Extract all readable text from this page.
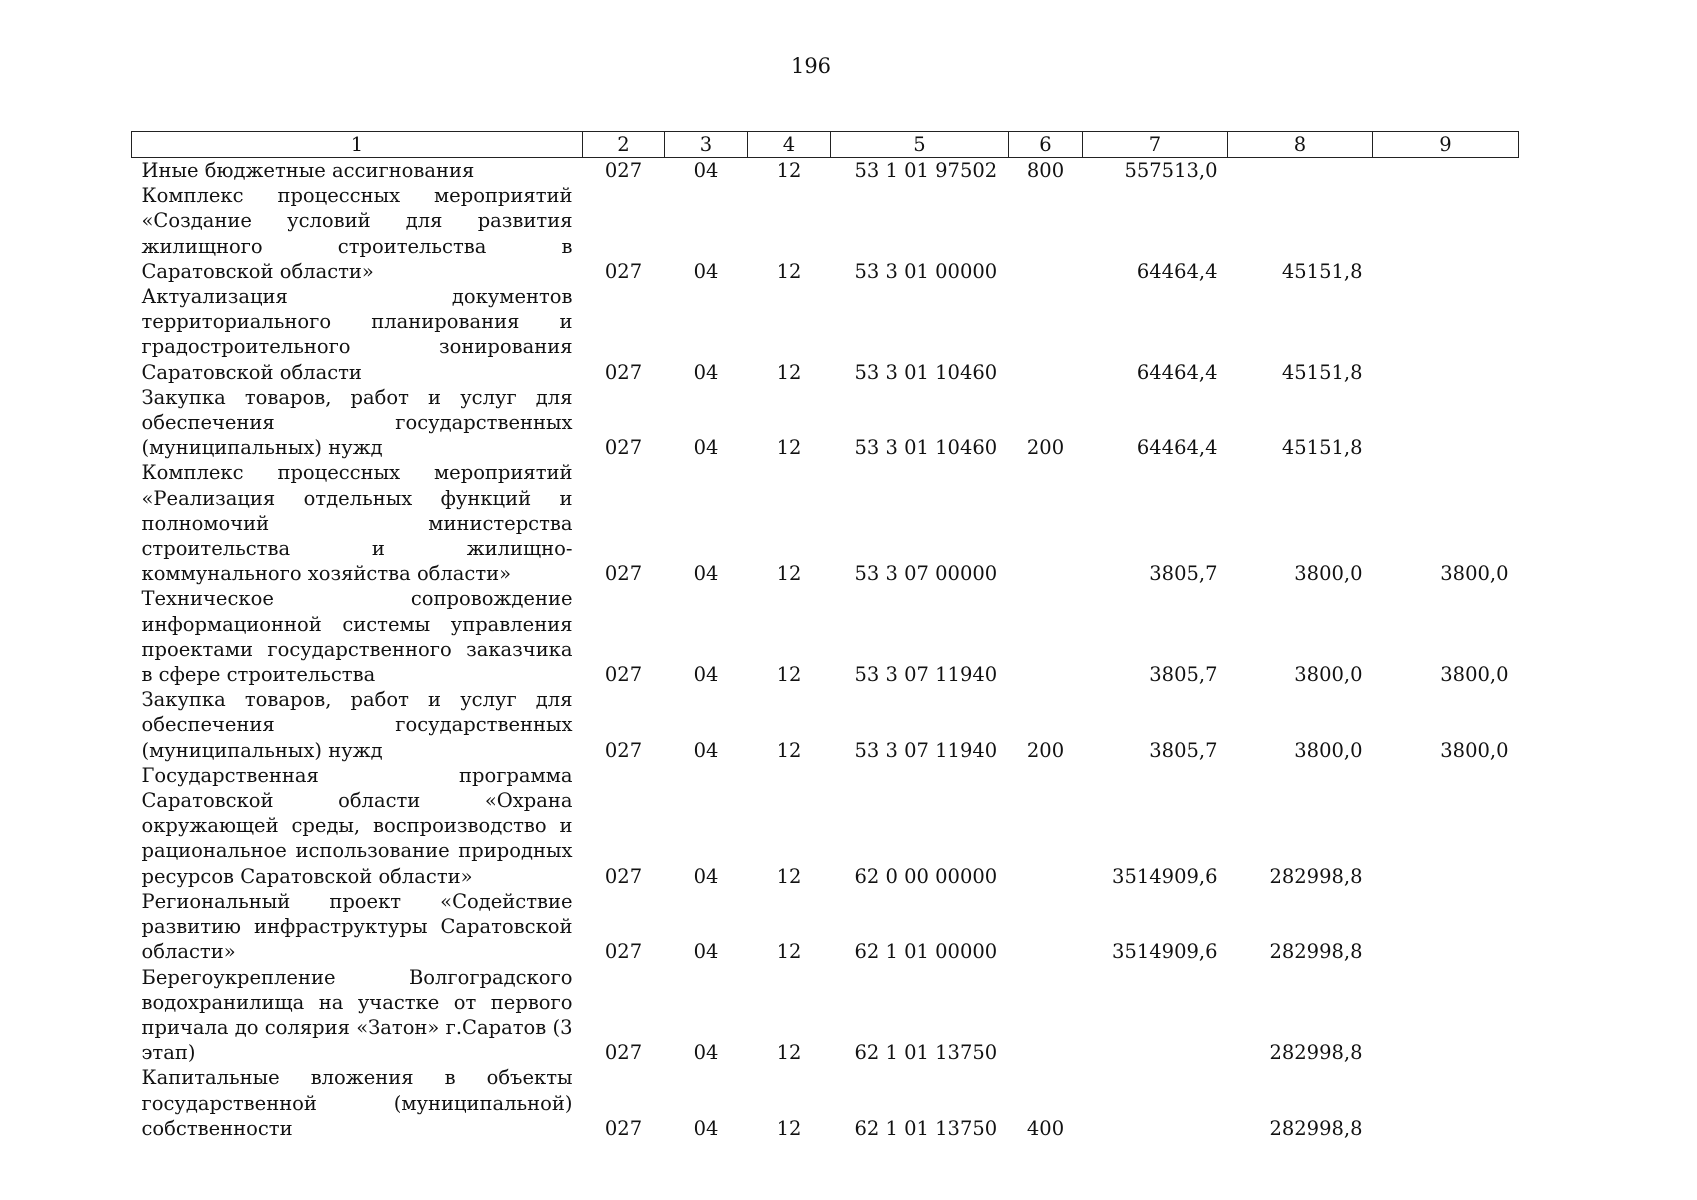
196
1	2	3	4	5	6	7	8	9
Иные бюджетные ассигнования	027	04	12	53 1 01 97502	800	557513,0		
Комплекс процессных мероприятий «Создание условий для развития жилищного строительства в Саратовской области»	027	04	12	53 3 01 00000		64464,4	45151,8	
Актуализация документов территориального планирования и градостроительного зонирования Саратовской области	027	04	12	53 3 01 10460		64464,4	45151,8	
Закупка товаров, работ и услуг для обеспечения государственных (муниципальных) нужд	027	04	12	53 3 01 10460	200	64464,4	45151,8	
Комплекс процессных мероприятий «Реализация отдельных функций и полномочий министерства строительства и жилищно-коммунального хозяйства области»	027	04	12	53 3 07 00000		3805,7	3800,0	3800,0
Техническое сопровождение информационной системы управления проектами государственного заказчика в сфере строительства	027	04	12	53 3 07 11940		3805,7	3800,0	3800,0
Закупка товаров, работ и услуг для обеспечения государственных (муниципальных) нужд	027	04	12	53 3 07 11940	200	3805,7	3800,0	3800,0
Государственная программа Саратовской области «Охрана окружающей среды, воспроизводство и рациональное использование природных ресурсов Саратовской области»	027	04	12	62 0 00 00000		3514909,6	282998,8	
Региональный проект «Содействие развитию инфраструктуры Саратовской области»	027	04	12	62 1 01 00000		3514909,6	282998,8	
Берегоукрепление Волгоградского водохранилища на участке от первого причала до солярия «Затон» г.Саратов (3 этап)	027	04	12	62 1 01 13750			282998,8	
Капитальные вложения в объекты государственной (муниципальной) собственности	027	04	12	62 1 01 13750	400		282998,8	
